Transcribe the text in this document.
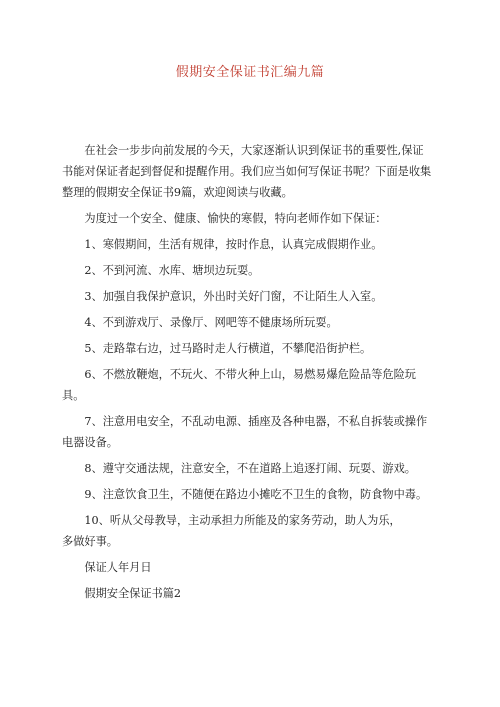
假期安全保证书汇编九篇

在社会一步步向前发展的今天，大家逐渐认识到保证书的重要性,保证书能对保证者起到督促和提醒作用。我们应当如何写保证书呢？下面是收集整理的假期安全保证书9篇，欢迎阅读与收藏。

为度过一个安全、健康、愉快的寒假，特向老师作如下保证：

1、寒假期间，生活有规律，按时作息，认真完成假期作业。

2、不到河流、水库、塘坝边玩耍。

3、加强自我保护意识，外出时关好门窗，不让陌生人入室。

4、不到游戏厅、录像厅、网吧等不健康场所玩耍。

5、走路靠右边，过马路时走人行横道，不攀爬沿街护栏。

6、不燃放鞭炮，不玩火、不带火种上山，易燃易爆危险品等危险玩具。

7、注意用电安全，不乱动电源、插座及各种电器，不私自拆装或操作电器设备。

8、遵守交通法规，注意安全，不在道路上追逐打闹、玩耍、游戏。

9、注意饮食卫生，不随便在路边小摊吃不卫生的食物，防食物中毒。

10、听从父母教导，主动承担力所能及的家务劳动，助人为乐，

多做好事。

保证人年月日

假期安全保证书篇2
